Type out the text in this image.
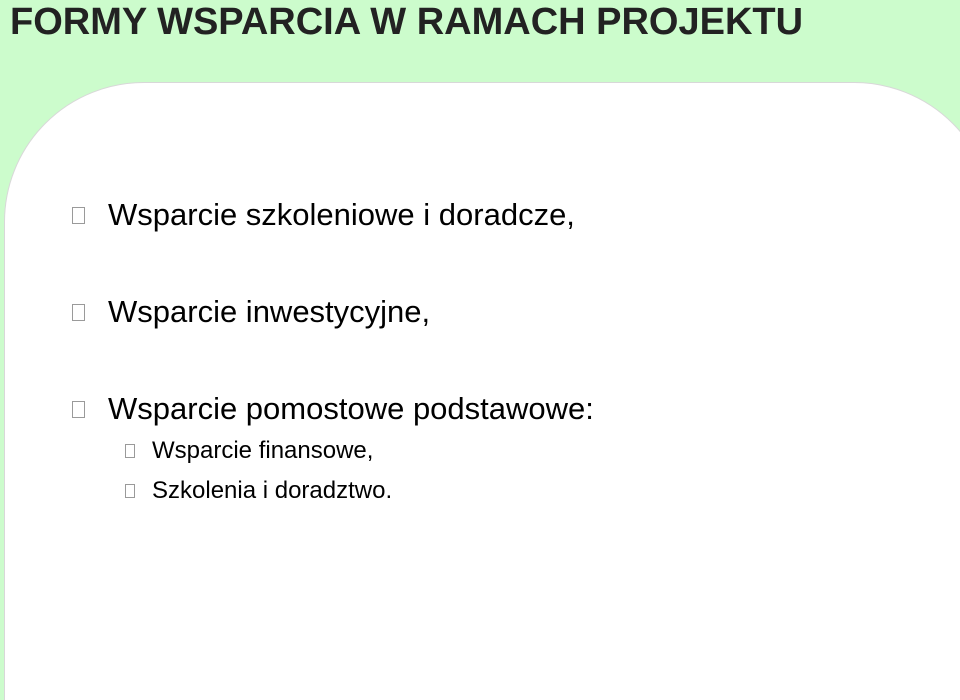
FORMY WSPARCIA W RAMACH PROJEKTU
Wsparcie szkoleniowe i doradcze,
Wsparcie inwestycyjne,
Wsparcie pomostowe podstawowe:
Wsparcie finansowe,
Szkolenia i doradztwo.
